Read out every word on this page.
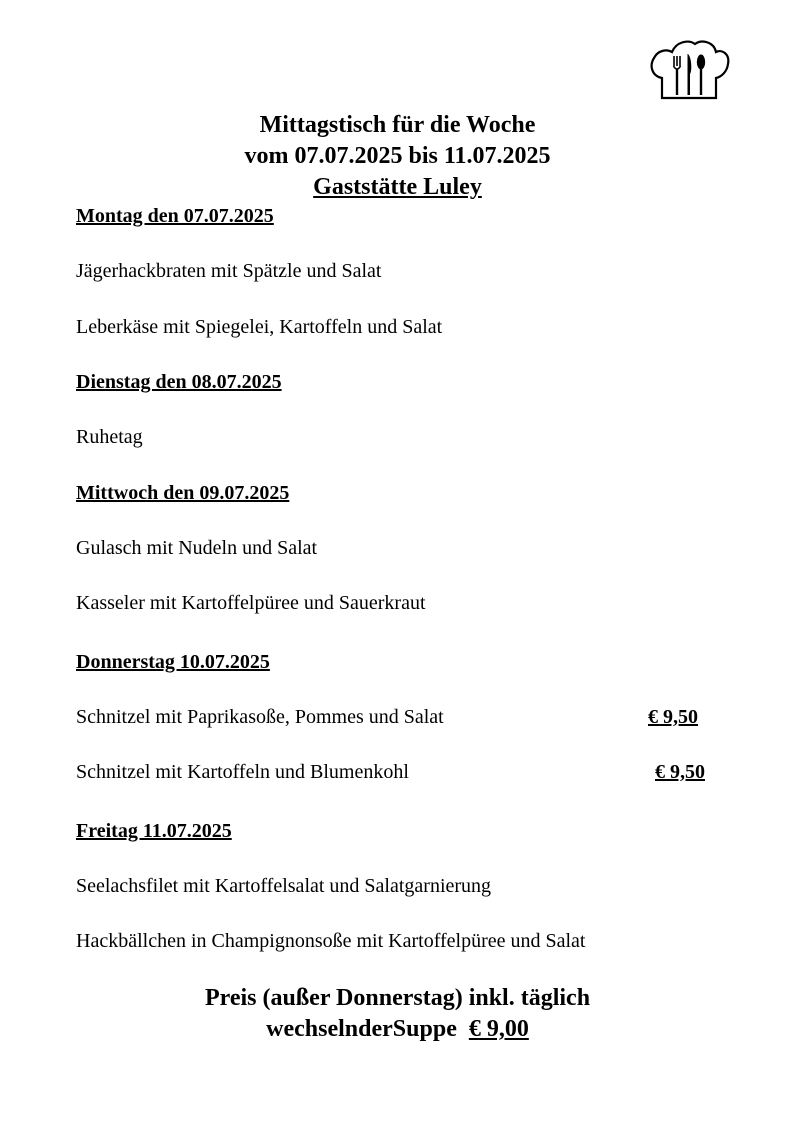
Mittagstisch für die Woche
vom 07.07.2025 bis 11.07.2025
Gaststätte Luley
Montag den 07.07.2025
Jägerhackbraten mit Spätzle und Salat
Leberkäse mit Spiegelei, Kartoffeln und Salat
Dienstag den 08.07.2025
Ruhetag
Mittwoch den 09.07.2025
Gulasch mit Nudeln und Salat
Kasseler mit Kartoffelpüree und Sauerkraut
Donnerstag 10.07.2025
Schnitzel mit Paprikasoße, Pommes und Salat	€ 9,50
Schnitzel mit Kartoffeln und Blumenkohl	€ 9,50
Freitag 11.07.2025
Seelachsfilet mit Kartoffelsalat und Salatgarnierung
Hackbällchen in Champignonsoße mit Kartoffelpüree und Salat
Preis (außer Donnerstag) inkl. täglich
wechselnderSuppe € 9,00
